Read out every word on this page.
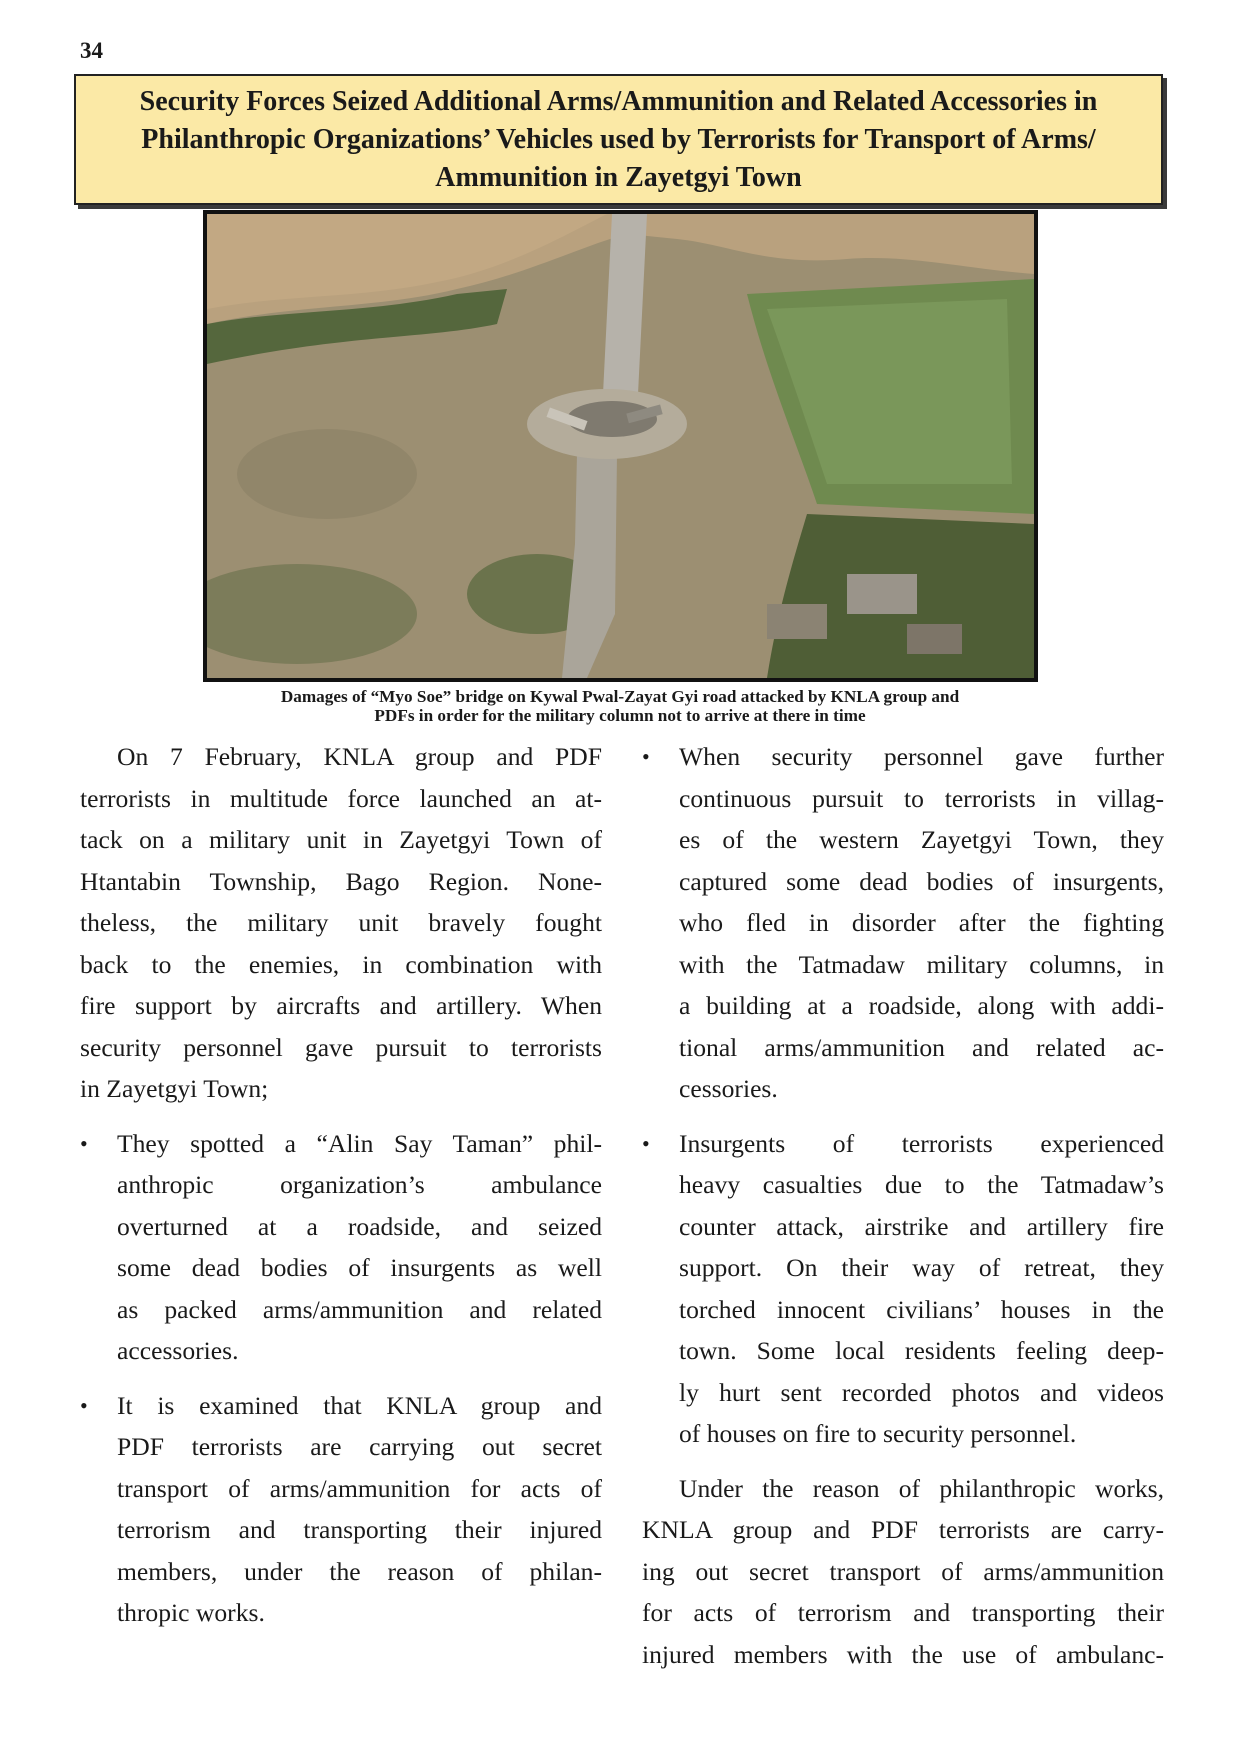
34
Security Forces Seized Additional Arms/Ammunition and Related Accessories in
Philanthropic Organizations’ Vehicles used by Terrorists for Transport of Arms/
Ammunition in Zayetgyi Town
Damages of “Myo Soe” bridge on Kywal Pwal-Zayat Gyi road attacked by KNLA group and
PDFs in order for the military column not to arrive at there in time
On 7 February, KNLA group and PDF
terrorists in multitude force launched an at-
tack on a military unit in Zayetgyi Town of
Htantabin Township, Bago Region. None-
theless, the military unit bravely fought
back to the enemies, in combination with
fire support by aircrafts and artillery. When
security personnel gave pursuit to terrorists
in Zayetgyi Town;
•	They spotted a “Alin Say Taman” phil-
anthropic organization’s ambulance
overturned at a roadside, and seized
some dead bodies of insurgents as well
as packed arms/ammunition and related
accessories.
•	It is examined that KNLA group and
PDF terrorists are carrying out secret
transport of arms/ammunition for acts of
terrorism and transporting their injured
members, under the reason of philan-
thropic works.
•	When security personnel gave further
continuous pursuit to terrorists in villag-
es of the western Zayetgyi Town, they
captured some dead bodies of insurgents,
who fled in disorder after the fighting
with the Tatmadaw military columns, in
a building at a roadside, along with addi-
tional arms/ammunition and related ac-
cessories.
•	Insurgents of terrorists experienced
heavy casualties due to the Tatmadaw’s
counter attack, airstrike and artillery fire
support. On their way of retreat, they
torched innocent civilians’ houses in the
town. Some local residents feeling deep-
ly hurt sent recorded photos and videos
of houses on fire to security personnel.
Under the reason of philanthropic works,
KNLA group and PDF terrorists are carry-
ing out secret transport of arms/ammunition
for acts of terrorism and transporting their
injured members with the use of ambulanc-
